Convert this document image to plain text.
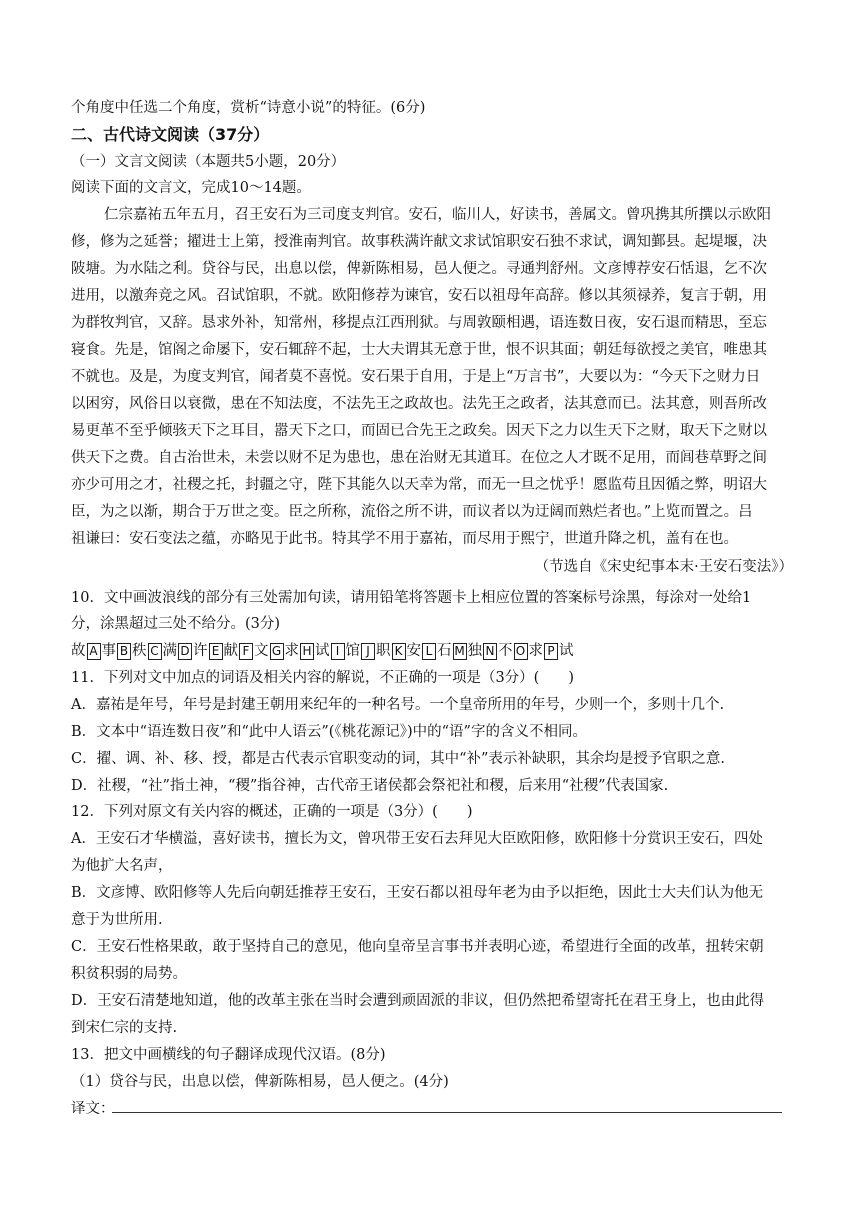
个角度中任选二个角度，赏析“诗意小说”的特征。(6分)
二、古代诗文阅读（37分）
（一）文言文阅读（本题共5小题，20分）
阅读下面的文言文，完成10～14题。
仁宗嘉祐五年五月，召王安石为三司度支判官。安石，临川人，好读书，善属文。曾巩携其所撰以示欧阳
修，修为之延誉；擢进士上第，授淮南判官。故事秩满许献文求试馆职安石独不求试，调知鄞县。起堤堰，决
陂塘。为水陆之利。贷谷与民，出息以偿，俾新陈相易，邑人便之。寻通判舒州。文彦博荐安石恬退，乞不次
进用，以激奔竞之风。召试馆职，不就。欧阳修荐为谏官，安石以祖母年高辞。修以其须禄养，复言于朝，用
为群牧判官，又辞。恳求外补，知常州，移提点江西刑狱。与周敦颐相遇，语连数日夜，安石退而精思，至忘
寝食。先是，馆阁之命屡下，安石辄辞不起，士大夫谓其无意于世，恨不识其面；朝廷每欲授之美官，唯患其
不就也。及是，为度支判官，闻者莫不喜悦。安石果于自用，于是上“万言书”，大要以为：“今天下之财力日
以困穷，风俗日以衰微，患在不知法度，不法先王之政故也。法先王之政者，法其意而已。法其意，则吾所改
易更革不至乎倾骇天下之耳目，嚣天下之口，而固已合先王之政矣。因天下之力以生天下之财，取天下之财以
供天下之费。自古治世未，未尝以财不足为患也，患在治财无其道耳。在位之人才既不足用，而闾巷草野之间
亦少可用之才，社稷之托，封疆之守，陛下其能久以天幸为常，而无一旦之忧乎！愿监苟且因循之弊，明诏大
臣，为之以渐，期合于万世之变。臣之所称，流俗之所不讲，而议者以为迂阔而熟烂者也。”上览而置之。吕
祖谦曰：安石变法之蕴，亦略见于此书。特其学不用于嘉祐，而尽用于熙宁，世道升降之机，盖有在也。
（节选自《宋史纪事本末·王安石变法》）
10．文中画波浪线的部分有三处需加句读，请用铅笔将答题卡上相应位置的答案标号涂黑，每涂对一处给1
分，涂黑超过三处不给分。(3分)
11．下列对文中加点的词语及相关内容的解说，不正确的一项是（3分）(　　)
A．嘉祐是年号，年号是封建王朝用来纪年的一种名号。一个皇帝所用的年号，少则一个，多则十几个.
B．文本中“语连数日夜”和“此中人语云”(《桃花源记》)中的“语”字的含义不相同。
C．擢、调、补、移、授，都是古代表示官职变动的词，其中“补”表示补缺职，其余均是授予官职之意.
D．社稷，“社”指土神，“稷”指谷神，古代帝王诸侯都会祭祀社和稷，后来用“社稷”代表国家.
12．下列对原文有关内容的概述，正确的一项是（3分）(　　)
A．王安石才华横溢，喜好读书，擅长为文，曾巩带王安石去拜见大臣欧阳修，欧阳修十分赏识王安石，四处
为他扩大名声，
B．文彦博、欧阳修等人先后向朝廷推荐王安石，王安石都以祖母年老为由予以拒绝，因此士大夫们认为他无
意于为世所用.
C．王安石性格果敢，敢于坚持自己的意见，他向皇帝呈言事书并表明心迹，希望进行全面的改革，扭转宋朝
积贫积弱的局势。
D．王安石清楚地知道，他的改革主张在当时会遭到顽固派的非议，但仍然把希望寄托在君王身上，也由此得
到宋仁宗的支持.
13．把文中画横线的句子翻译成现代汉语。(8分)
（1）贷谷与民，出息以偿，俾新陈相易，邑人便之。(4分)
译文：
故 A 事 B 秩 C 满 D 许 E 献 F 文 G 求 H 试 I 馆 J 职 K 安 L 石 M 独 N 不 O 求 P 试
